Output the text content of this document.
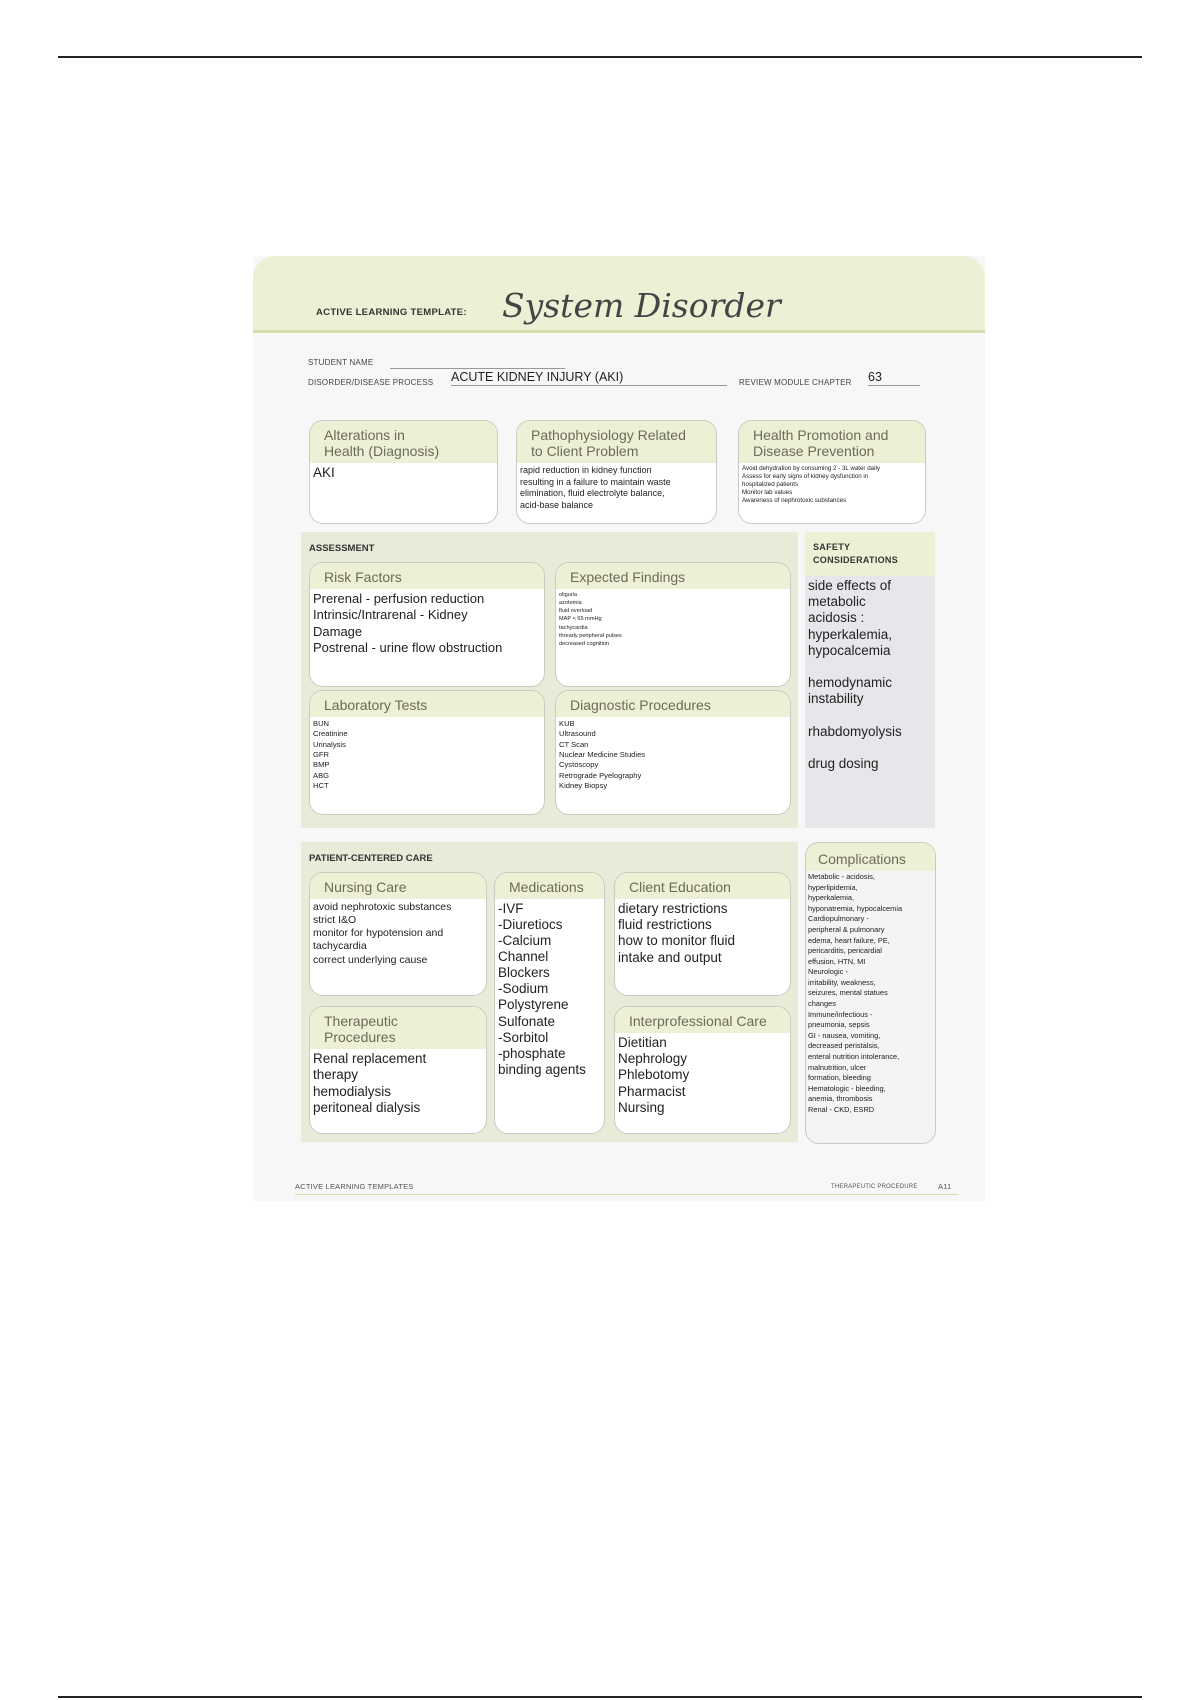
ACTIVE LEARNING TEMPLATE: System Disorder
STUDENT NAME
DISORDER/DISEASE PROCESS ACUTE KIDNEY INJURY (AKI)	REVIEW MODULE CHAPTER 63
Alterations in
Health (Diagnosis)
AKI
Pathophysiology Related
to Client Problem
rapid reduction in kidney function
resulting in a failure to maintain waste
elimination, fluid electrolyte balance,
acid-base balance
Health Promotion and
Disease Prevention
Avoid dehydration by consuming 2 - 3L water daily
Assess for early signs of kidney dysfunction in
hospitalized patients
Monitor lab values
Awareness of nephrotoxic substances
ASSESSMENT
Risk Factors
Prerenal - perfusion reduction
Intrinsic/Intrarenal - Kidney
Damage
Postrenal - urine flow obstruction
Expected Findings
oliguria
azotemia
fluid overload
MAP < 65 mmHg
tachycardia
thready peripheral pulses
decreased cognition
Laboratory Tests
BUN
Creatinine
Urinalysis
GFR
BMP
ABG
HCT
Diagnostic Procedures
KUB
Ultrasound
CT Scan
Nuclear Medicine Studies
Cystoscopy
Retrograde Pyelography
Kidney Biopsy
SAFETY
CONSIDERATIONS
side effects of
metabolic
acidosis :
hyperkalemia,
hypocalcemia

hemodynamic
instability

rhabdomyolysis

drug dosing
PATIENT-CENTERED CARE
Nursing Care
avoid nephrotoxic substances
strict I&O
monitor for hypotension and
tachycardia
correct underlying cause
Therapeutic Procedures
Renal replacement
therapy
hemodialysis
peritoneal dialysis
Medications
-IVF
-Diuretiocs
-Calcium
Channel
Blockers
-Sodium
Polystyrene
Sulfonate
-Sorbitol
-phosphate
binding agents
Client Education
dietary restrictions
fluid restrictions
how to monitor fluid
intake and output
Interprofessional Care
Dietitian
Nephrology
Phlebotomy
Pharmacist
Nursing
Complications
Metabolic - acidosis,
hyperlipidemia,
hyperkalemia,
hyponatremia, hypocalcemia
Cardiopulmonary -
peripheral & pulmonary
edema, heart failure, PE,
pericarditis, pericardial
effusion, HTN, MI
Neurologic -
irritability, weakness,
seizures, mental statues
changes
Immune/infectious -
pneumonia, sepsis
GI - nausea, vomiting,
decreased peristalsis,
enteral nutrition intolerance,
malnutrition, ulcer
formation, bleeding
Hematologic - bleeding,
anemia, thrombosis
Renal - CKD, ESRD
ACTIVE LEARNING TEMPLATES	THERAPEUTIC PROCEDURE	A11
